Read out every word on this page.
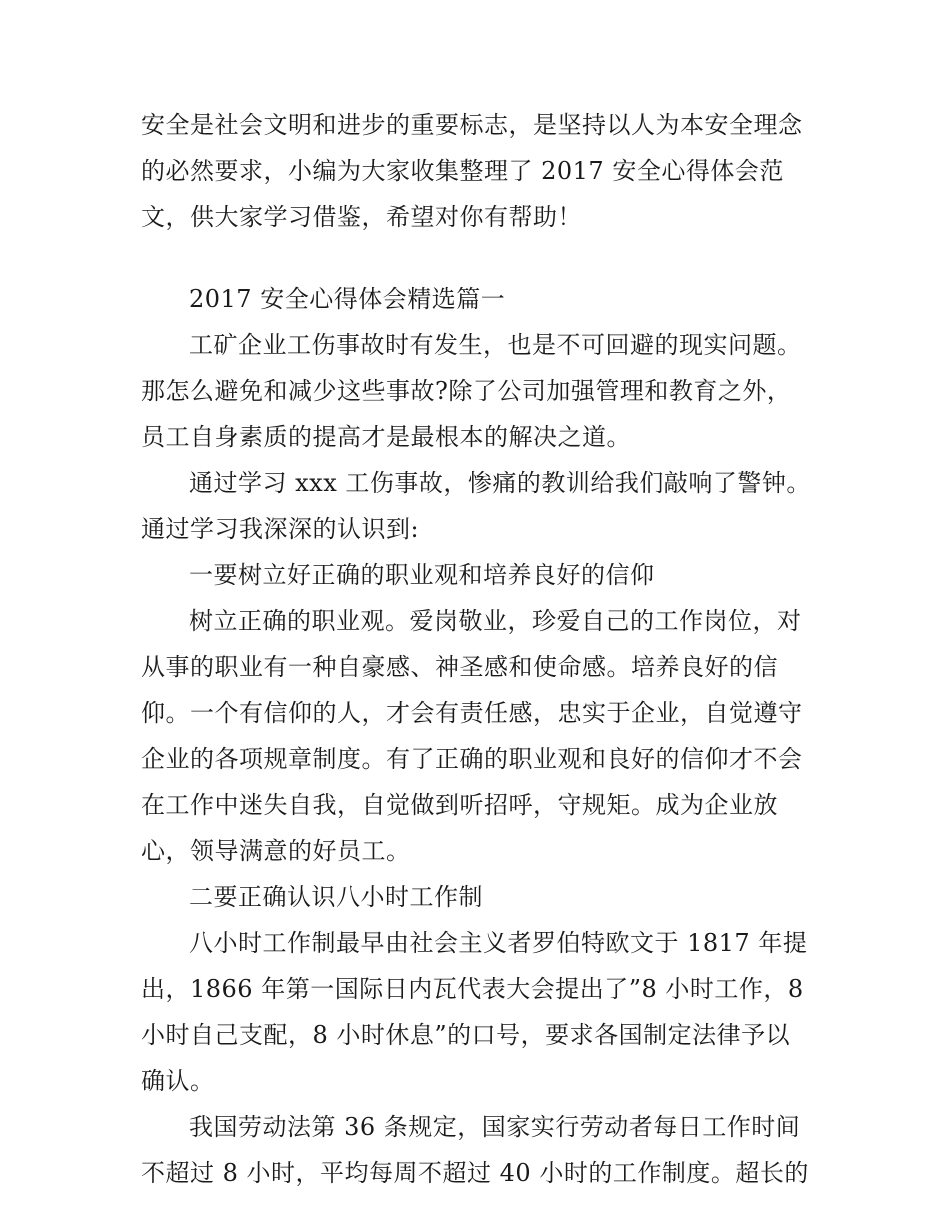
安全是社会文明和进步的重要标志，是坚持以人为本安全理念
的必然要求，小编为大家收集整理了 2017 安全心得体会范
文，供大家学习借鉴，希望对你有帮助！
2017 安全心得体会精选篇一
工矿企业工伤事故时有发生，也是不可回避的现实问题。
那怎么避免和减少这些事故?除了公司加强管理和教育之外，
员工自身素质的提高才是最根本的解决之道。
通过学习 xxx 工伤事故，惨痛的教训给我们敲响了警钟。
通过学习我深深的认识到:
一要树立好正确的职业观和培养良好的信仰
树立正确的职业观。爱岗敬业，珍爱自己的工作岗位，对
从事的职业有一种自豪感、神圣感和使命感。培养良好的信
仰。一个有信仰的人，才会有责任感，忠实于企业，自觉遵守
企业的各项规章制度。有了正确的职业观和良好的信仰才不会
在工作中迷失自我，自觉做到听招呼，守规矩。成为企业放
心，领导满意的好员工。
二要正确认识八小时工作制
八小时工作制最早由社会主义者罗伯特欧文于 1817 年提
出，1866 年第一国际日内瓦代表大会提出了”8 小时工作，8
小时自己支配，8 小时休息”的口号，要求各国制定法律予以
确认。
我国劳动法第 36 条规定，国家实行劳动者每日工作时间
不超过 8 小时，平均每周不超过 40 小时的工作制度。超长的
